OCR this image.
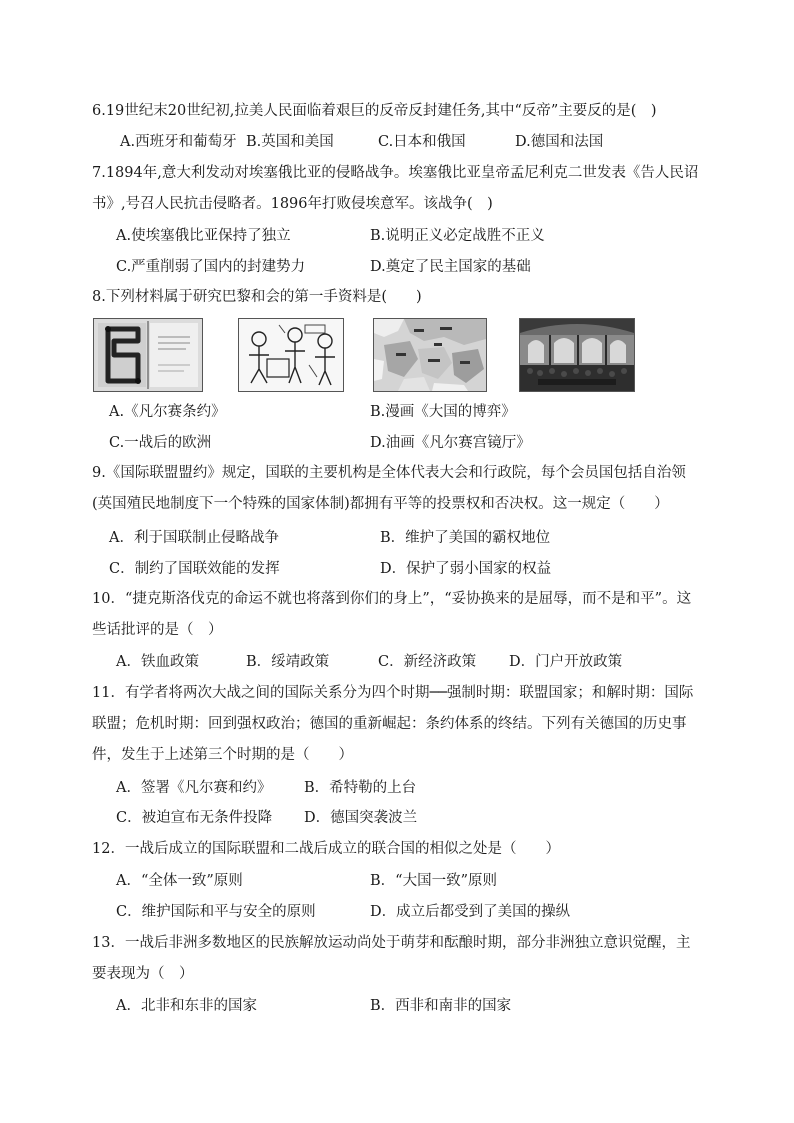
6.19世纪末20世纪初,拉美人民面临着艰巨的反帝反封建任务,其中“反帝”主要反的是(　)
A.西班牙和葡萄牙 B.英国和美国	C.日本和俄国	D.德国和法国
7.1894年,意大利发动对埃塞俄比亚的侵略战争。埃塞俄比亚皇帝孟尼利克二世发表《告人民诏书》,号召人民抗击侵略者。1896年打败侵埃意军。该战争(　)
A.使埃塞俄比亚保持了独立	B.说明正义必定战胜不正义
C.严重削弱了国内的封建势力	D.奠定了民主国家的基础
8.下列材料属于研究巴黎和会的第一手资料是(　　)
A.《凡尔赛条约》	B.漫画《大国的博弈》
C.一战后的欧洲	D.油画《凡尔赛宫镜厅》
9.《国际联盟盟约》规定，国联的主要机构是全体代表大会和行政院，每个会员国包括自治领(英国殖民地制度下一个特殊的国家体制)都拥有平等的投票权和否决权。这一规定（　　）
A．利于国联制止侵略战争	B．维护了美国的霸权地位
C．制约了国联效能的发挥	D．保护了弱小国家的权益
10．“捷克斯洛伐克的命运不就也将落到你们的身上”，“妥协换来的是屈辱，而不是和平”。这些话批评的是（　）
A．铁血政策	B．绥靖政策	C．新经济政策 D．门户开放政策
11．有学者将两次大战之间的国际关系分为四个时期──强制时期：联盟国家；和解时期：国际联盟；危机时期：回到强权政治；德国的重新崛起：条约体系的终结。下列有关德国的历史事件，发生于上述第三个时期的是（　　）
A．签署《凡尔赛和约》 B．希特勒的上台
C．被迫宣布无条件投降 D．德国突袭波兰
12．一战后成立的国际联盟和二战后成立的联合国的相似之处是（　　）
A．“全体一致”原则	B．“大国一致”原则
C．维护国际和平与安全的原则	D．成立后都受到了美国的操纵
13．一战后非洲多数地区的民族解放运动尚处于萌芽和酝酿时期，部分非洲独立意识觉醒，主要表现为（　）
A．北非和东非的国家	B．西非和南非的国家
